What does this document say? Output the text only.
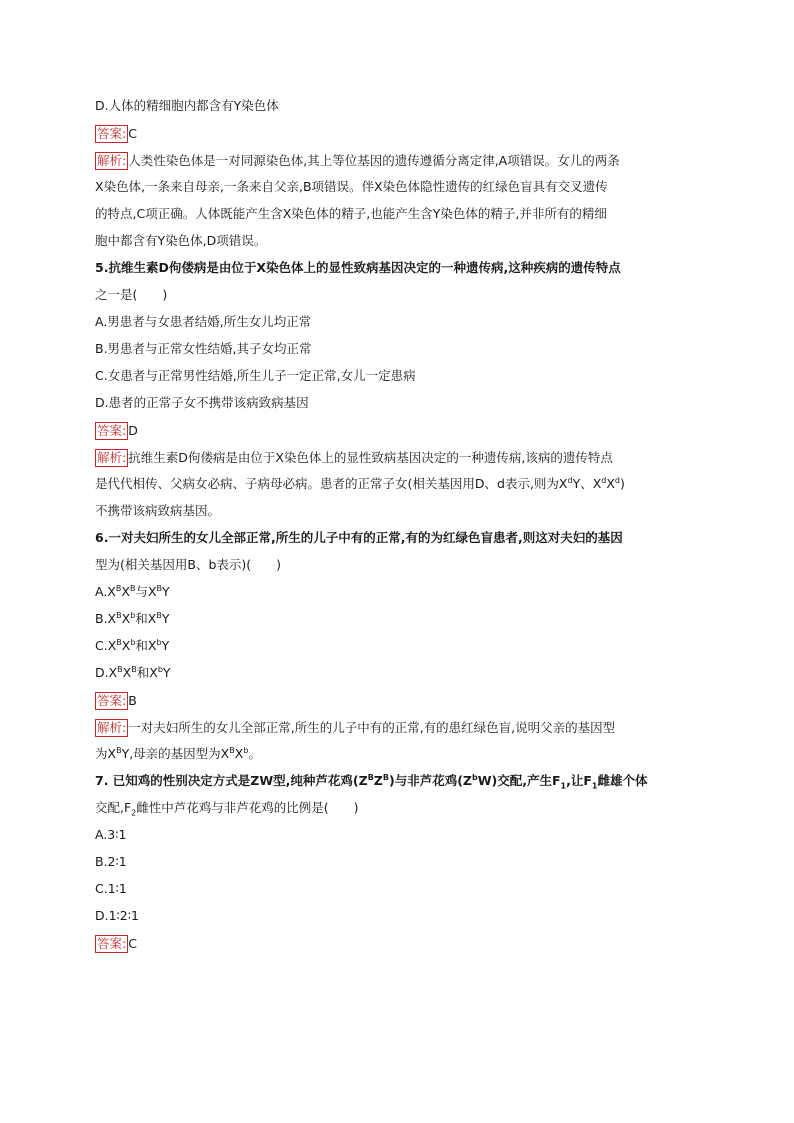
D.人体的精细胞内都含有Y染色体
答案: C
解析: 人类性染色体是一对同源染色体,其上等位基因的遗传遵循分离定律,A项错误。女儿的两条
X染色体,一条来自母亲,一条来自父亲,B项错误。伴X染色体隐性遗传的红绿色盲具有交叉遗传
的特点,C项正确。人体既能产生含X染色体的精子,也能产生含Y染色体的精子,并非所有的精细
胞中都含有Y染色体,D项错误。
5.抗维生素D佝偻病是由位于X染色体上的显性致病基因决定的一种遗传病,这种疾病的遗传特点
之一是(　　)
A.男患者与女患者结婚,所生女儿均正常
B.男患者与正常女性结婚,其子女均正常
C.女患者与正常男性结婚,所生儿子一定正常,女儿一定患病
D.患者的正常子女不携带该病致病基因
答案: D
解析: 抗维生素D佝偻病是由位于X染色体上的显性致病基因决定的一种遗传病,该病的遗传特点
是代代相传、父病女必病、子病母必病。患者的正常子女(相关基因用D、d表示,则为$X^dY$、$X^dX^d$)
不携带该病致病基因。
6.一对夫妇所生的女儿全部正常,所生的儿子中有的正常,有的为红绿色盲患者,则这对夫妇的基因
型为(相关基因用B、b表示)(　　)
$A.X^BX^B$与$X^BY$
$B.X^BX^b$和$X^BY$
$C.X^BX^b$和$X^bY$
$D.X^BX^B$和$X^bY$
答案: B
解析: 一对夫妇所生的女儿全部正常,所生的儿子中有的正常,有的患红绿色盲,说明父亲的基因型
为$X^BY$,母亲的基因型为$X^BX^b$。
7. 已知鸡的性别决定方式是ZW型,纯种芦花鸡$(Z^BZ^B)$与非芦花鸡$(Z^bW)$交配,产生$F_1$,让$F_1$雌雄个体
交配$,F_2$雌性中芦花鸡与非芦花鸡的比例是(　　)
A.3∶1
B.2∶1
C.1∶1
D.1∶2∶1
答案: C
